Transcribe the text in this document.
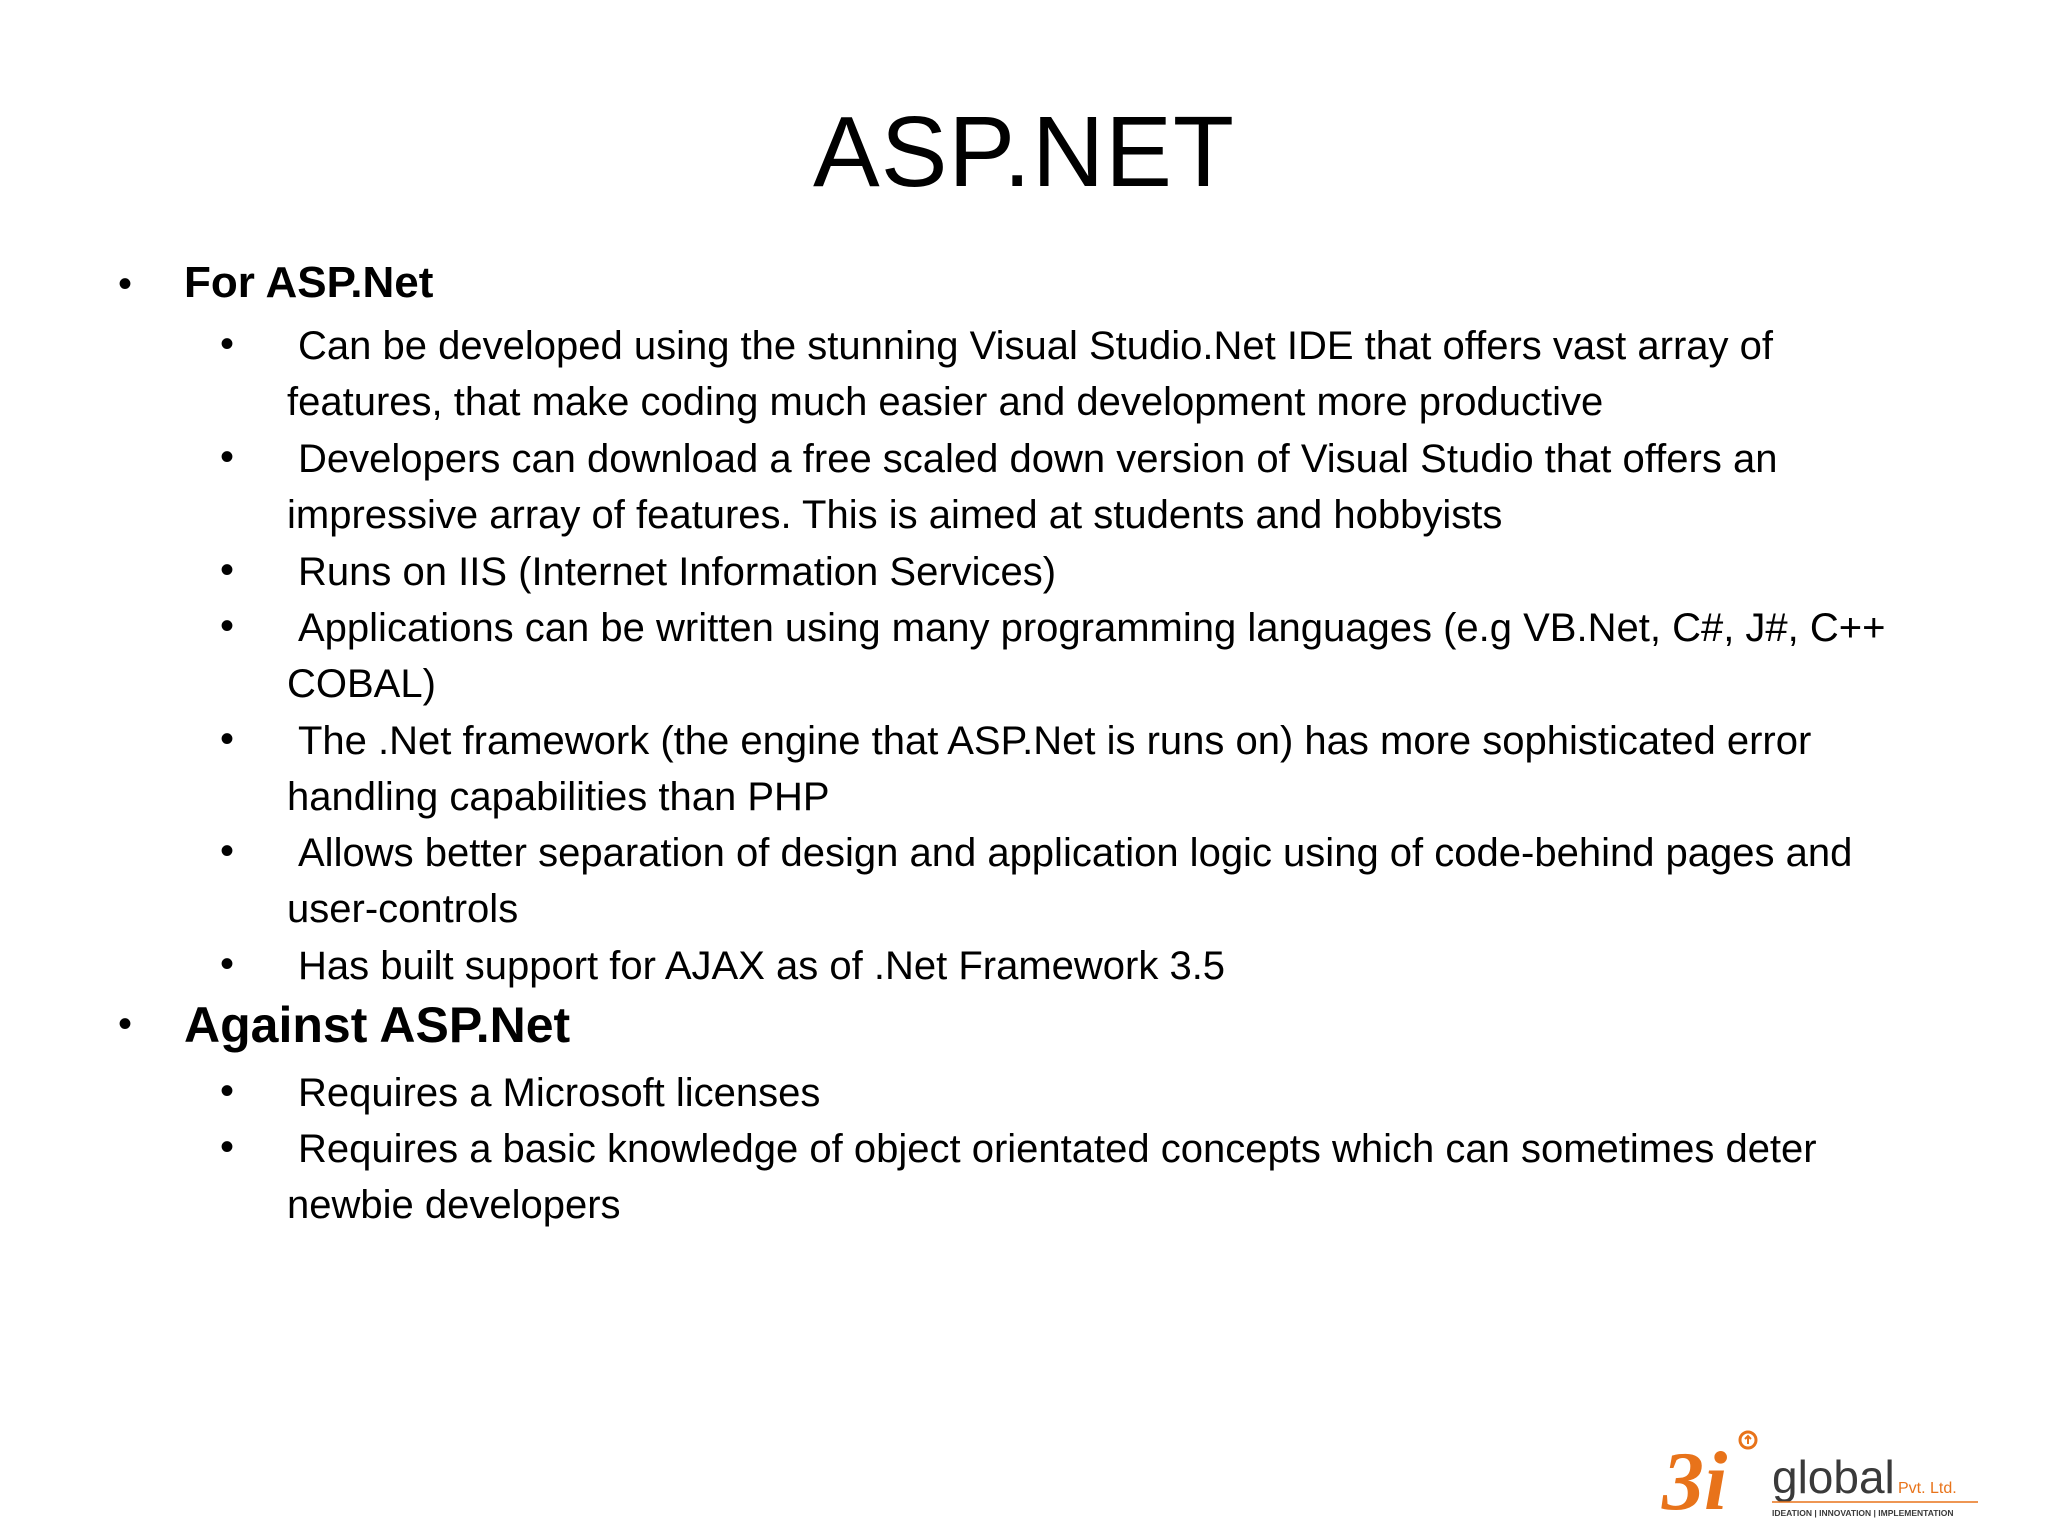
ASP.NET
• For ASP.Net
• Can be developed using the stunning Visual Studio.Net IDE that offers vast array of
features, that make coding much easier and development more productive
• Developers can download a free scaled down version of Visual Studio that offers an
impressive array of features. This is aimed at students and hobbyists
• Runs on IIS (Internet Information Services)
• Applications can be written using many programming languages (e.g VB.Net, C#, J#, C++
COBAL)
• The .Net framework (the engine that ASP.Net is runs on) has more sophisticated error
handling capabilities than PHP
• Allows better separation of design and application logic using of code-behind pages and
user-controls
• Has built support for AJAX as of .Net Framework 3.5
• Against ASP.Net
• Requires a Microsoft licenses
• Requires a basic knowledge of object orientated concepts which can sometimes deter
newbie developers
3i global Pvt. Ltd.
IDEATION | INNOVATION | IMPLEMENTATION
